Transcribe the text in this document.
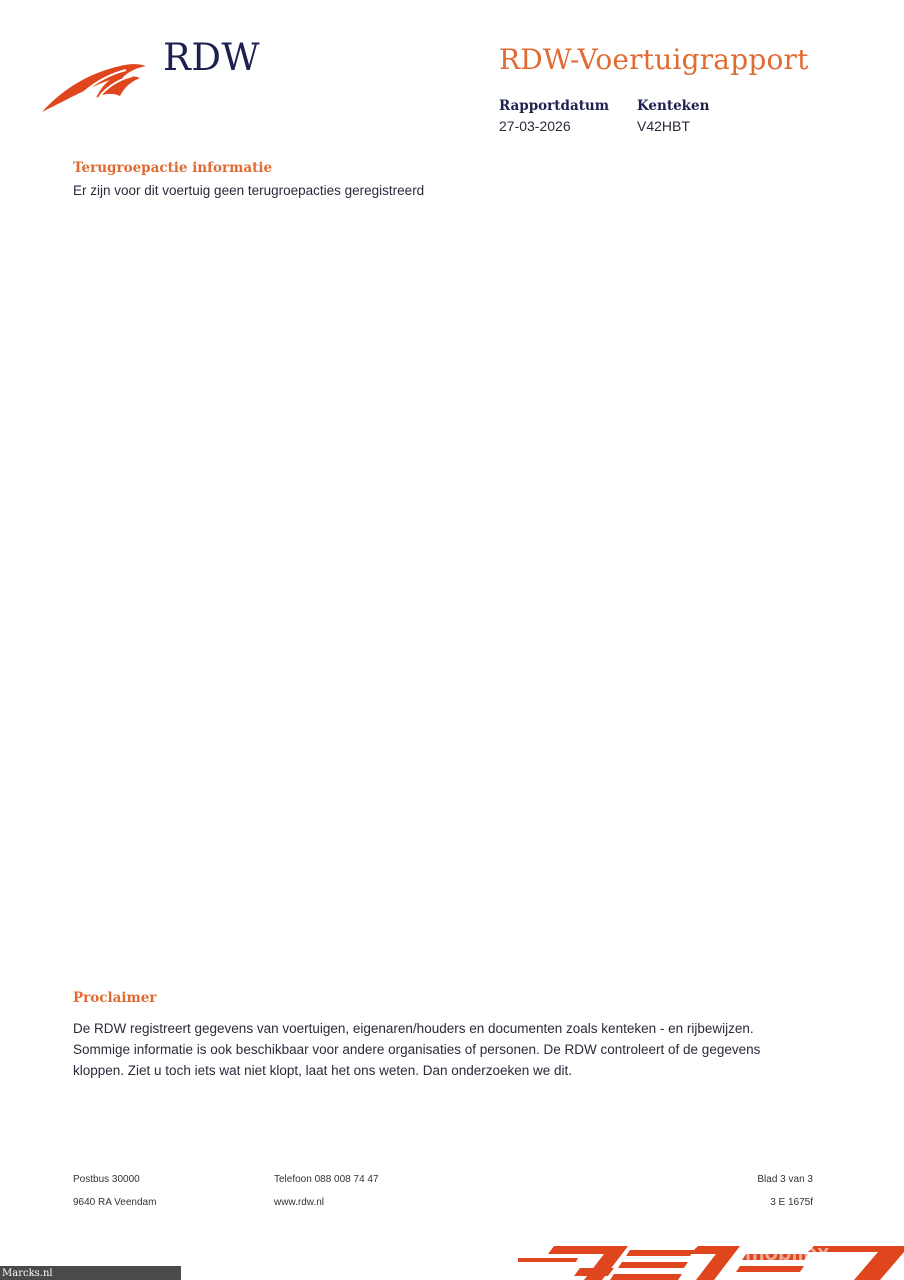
RDW	RDW-Voertuigrapport
Rapportdatum
27-03-2026
Kenteken
V42HBT
Terugroepactie informatie
Er zijn voor dit voertuig geen terugroepacties geregistreerd
Proclaimer
De RDW registreert gegevens van voertuigen, eigenaren/houders en documenten zoals kenteken - en rijbewijzen.
Sommige informatie is ook beschikbaar voor andere organisaties of personen. De RDW controleert of de gegevens
kloppen. Ziet u toch iets wat niet klopt, laat het ons weten. Dan onderzoeken we dit.
Postbus 30000
9640 RA Veendam
Telefoon 088 008 74 47
www.rdw.nl
Blad 3 van 3
3 E 1675f
mobilox
Marcks.nl
